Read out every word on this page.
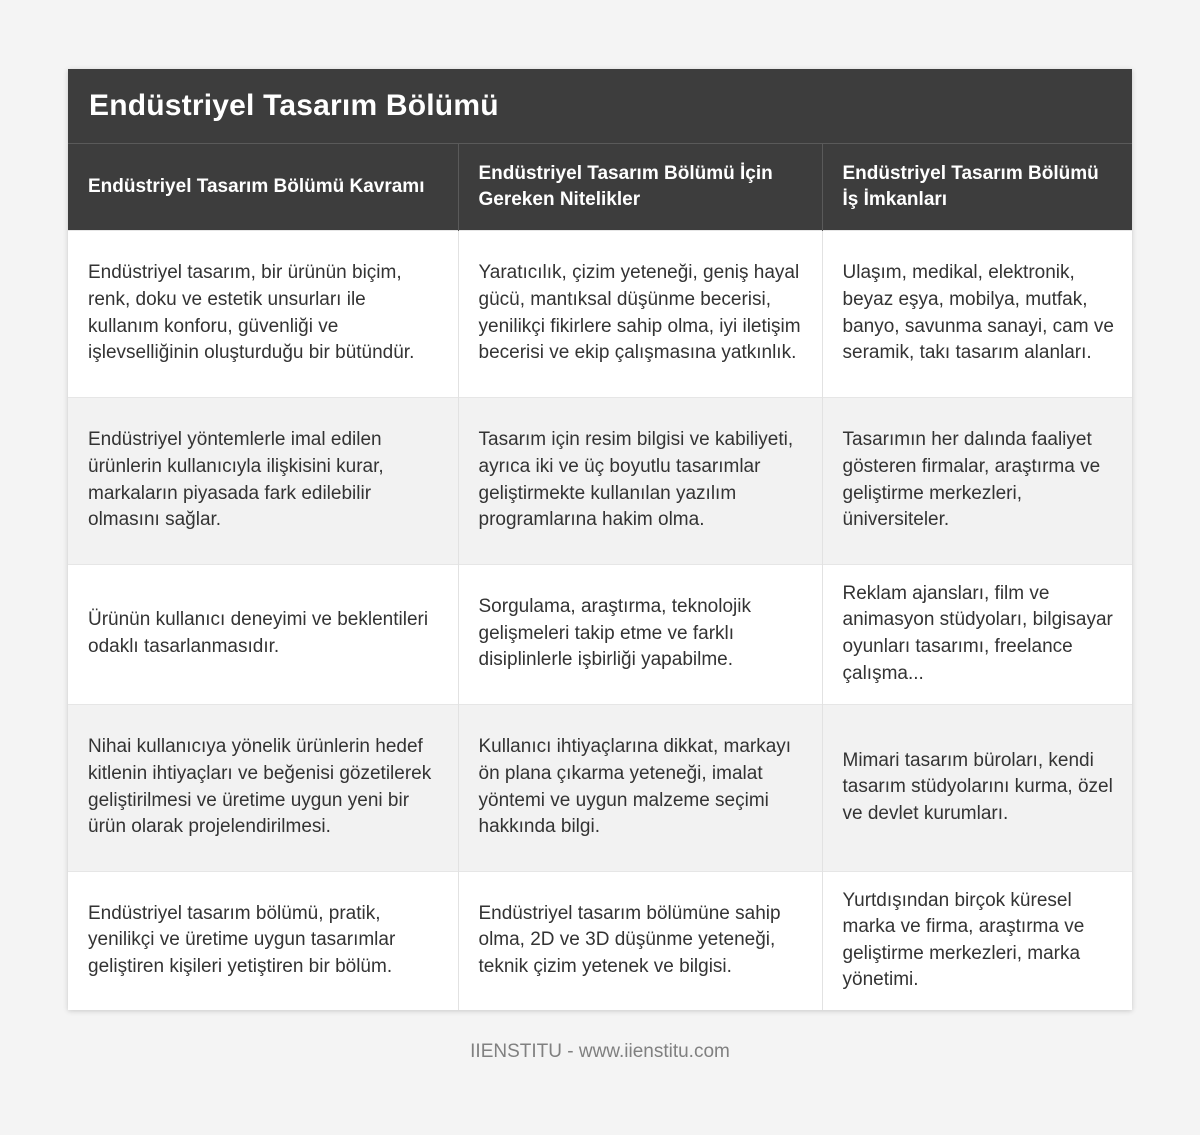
Endüstriyel Tasarım Bölümü
Endüstriyel Tasarım Bölümü Kavramı	Endüstriyel Tasarım Bölümü İçin Gereken Nitelikler	Endüstriyel Tasarım Bölümü İş İmkanları
Endüstriyel tasarım, bir ürünün biçim, renk, doku ve estetik unsurları ile kullanım konforu, güvenliği ve işlevselliğinin oluşturduğu bir bütündür.	Yaratıcılık, çizim yeteneği, geniş hayal gücü, mantıksal düşünme becerisi, yenilikçi fikirlere sahip olma, iyi iletişim becerisi ve ekip çalışmasına yatkınlık.	Ulaşım, medikal, elektronik, beyaz eşya, mobilya, mutfak, banyo, savunma sanayi, cam ve seramik, takı tasarım alanları.
Endüstriyel yöntemlerle imal edilen ürünlerin kullanıcıyla ilişkisini kurar, markaların piyasada fark edilebilir olmasını sağlar.	Tasarım için resim bilgisi ve kabiliyeti, ayrıca iki ve üç boyutlu tasarımlar geliştirmekte kullanılan yazılım programlarına hakim olma.	Tasarımın her dalında faaliyet gösteren firmalar, araştırma ve geliştirme merkezleri, üniversiteler.
Ürünün kullanıcı deneyimi ve beklentileri odaklı tasarlanmasıdır.	Sorgulama, araştırma, teknolojik gelişmeleri takip etme ve farklı disiplinlerle işbirliği yapabilme.	Reklam ajansları, film ve animasyon stüdyoları, bilgisayar oyunları tasarımı, freelance çalışma...
Nihai kullanıcıya yönelik ürünlerin hedef kitlenin ihtiyaçları ve beğenisi gözetilerek geliştirilmesi ve üretime uygun yeni bir ürün olarak projelendirilmesi.	Kullanıcı ihtiyaçlarına dikkat, markayı ön plana çıkarma yeteneği, imalat yöntemi ve uygun malzeme seçimi hakkında bilgi.	Mimari tasarım büroları, kendi tasarım stüdyolarını kurma, özel ve devlet kurumları.
Endüstriyel tasarım bölümü, pratik, yenilikçi ve üretime uygun tasarımlar geliştiren kişileri yetiştiren bir bölüm.	Endüstriyel tasarım bölümüne sahip olma, 2D ve 3D düşünme yeteneği, teknik çizim yetenek ve bilgisi.	Yurtdışından birçok küresel marka ve firma, araştırma ve geliştirme merkezleri, marka yönetimi.
IIENSTITU - www.iienstitu.com
